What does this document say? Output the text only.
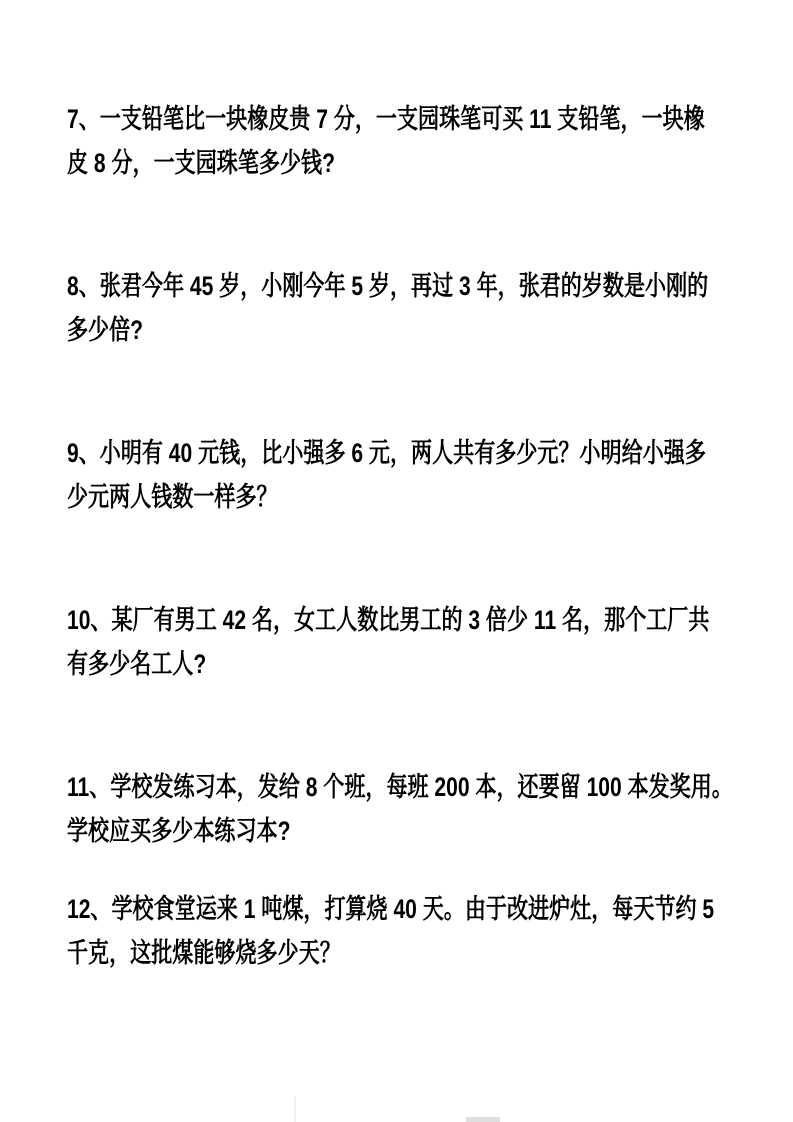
7、一支铅笔比一块橡皮贵 7 分，一支园珠笔可买 11 支铅笔，一块橡
皮 8 分，一支园珠笔多少钱?
8、张君今年 45 岁，小刚今年 5 岁，再过 3 年，张君的岁数是小刚的
多少倍?
9、小明有 40 元钱，比小强多 6 元，两人共有多少元？小明给小强多
少元两人钱数一样多？
10、某厂有男工 42 名，女工人数比男工的 3 倍少 11 名，那个工厂共
有多少名工人?
11、学校发练习本，发给 8 个班，每班 200 本，还要留 100 本发奖用。
学校应买多少本练习本?
12、学校食堂运来 1 吨煤，打算烧 40 天。由于改进炉灶，每天节约 5
千克，这批煤能够烧多少天？
